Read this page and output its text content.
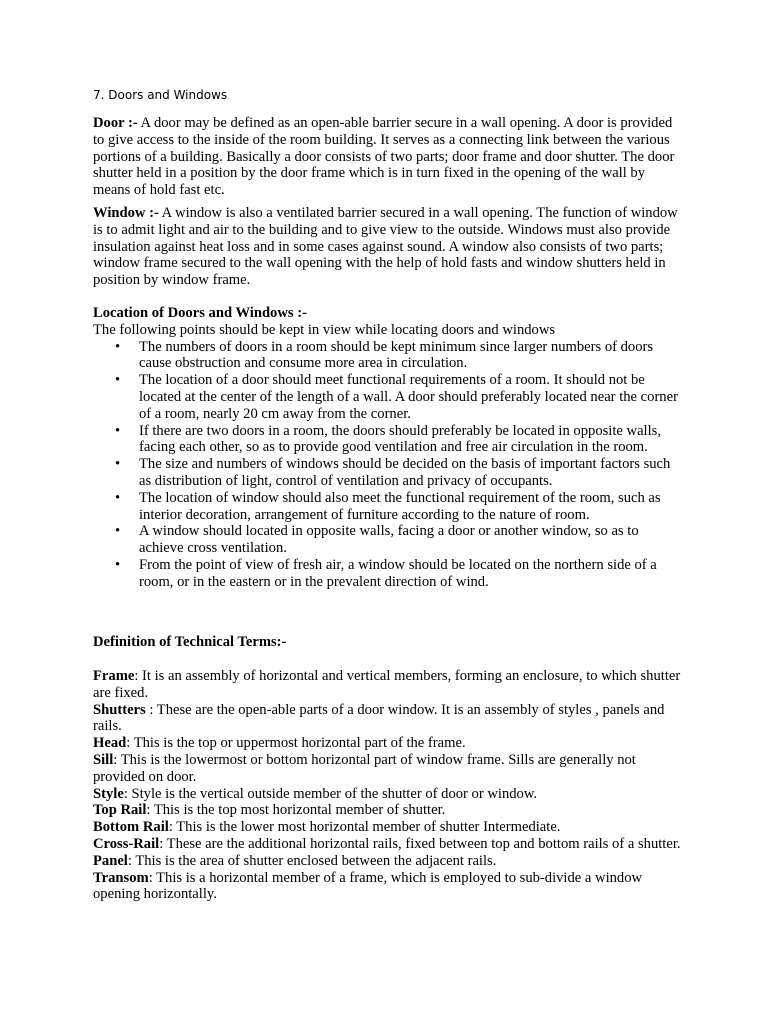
7. Doors and Windows

Door :- A door may be defined as an open-able barrier secure in a wall opening. A door is provided to give access to the inside of the room building. It serves as a connecting link between the various portions of a building. Basically a door consists of two parts; door frame and door shutter. The door shutter held in a position by the door frame which is in turn fixed in the opening of the wall by means of hold fast etc.

Window :- A window is also a ventilated barrier secured in a wall opening. The function of window is to admit light and air to the building and to give view to the outside. Windows must also provide insulation against heat loss and in some cases against sound. A window also consists of two parts; window frame secured to the wall opening with the help of hold fasts and window shutters held in position by window frame.

Location of Doors and Windows :-

The following points should be kept in view while locating doors and windows

• The numbers of doors in a room should be kept minimum since larger numbers of doors cause obstruction and consume more area in circulation.
• The location of a door should meet functional requirements of a room. It should not be located at the center of the length of a wall. A door should preferably located near the corner of a room, nearly 20 cm away from the corner.
• If there are two doors in a room, the doors should preferably be located in opposite walls, facing each other, so as to provide good ventilation and free air circulation in the room.
• The size and numbers of windows should be decided on the basis of important factors such as distribution of light, control of ventilation and privacy of occupants.
• The location of window should also meet the functional requirement of the room, such as interior decoration, arrangement of furniture according to the nature of room.
• A window should located in opposite walls, facing a door or another window, so as to achieve cross ventilation.
• From the point of view of fresh air, a window should be located on the northern side of a room, or in the eastern or in the prevalent direction of wind.

Definition of Technical Terms:-

Frame: It is an assembly of horizontal and vertical members, forming an enclosure, to which shutter are fixed.

Shutters : These are the open-able parts of a door window. It is an assembly of styles , panels and rails.

Head: This is the top or uppermost horizontal part of the frame.

Sill: This is the lowermost or bottom horizontal part of window frame. Sills are generally not provided on door.

Style: Style is the vertical outside member of the shutter of door or window.

Top Rail: This is the top most horizontal member of shutter.

Bottom Rail: This is the lower most horizontal member of shutter Intermediate.

Cross-Rail: These are the additional horizontal rails, fixed between top and bottom rails of a shutter.

Panel: This is the area of shutter enclosed between the adjacent rails.

Transom: This is a horizontal member of a frame, which is employed to sub-divide a window opening horizontally.
